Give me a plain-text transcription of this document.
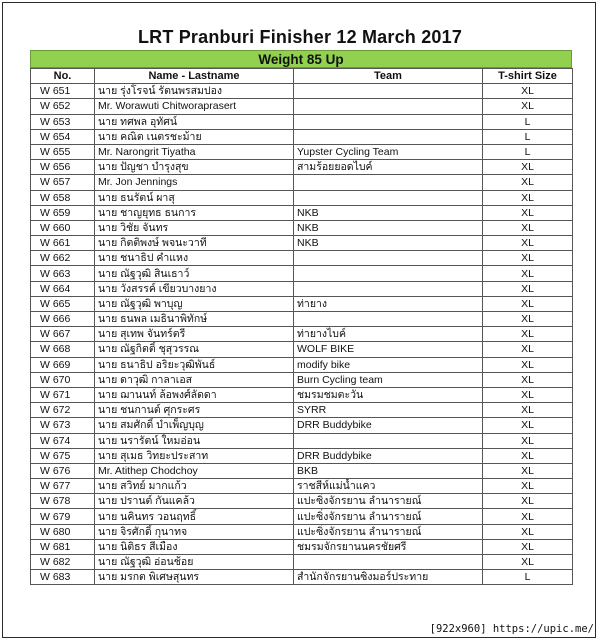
LRT Pranburi Finisher 12 March 2017
Weight 85 Up
No.	Name - Lastname	Team	T-shirt Size
W 651	นาย รุ่งโรจน์ รัตนพรสมปอง		XL
W 652	Mr. Worawuti Chitworaprasert		XL
W 653	นาย ทศพล อุทัศน์		L
W 654	นาย คณิต เนตรชะม้าย		L
W 655	Mr. Narongrit Tiyatha	Yupster Cycling Team	L
W 656	นาย ปัญชา บำรุงสุข	สามร้อยยอดไบค์	XL
W 657	Mr. Jon Jennings		XL
W 658	นาย ธนรัตน์ ผาสุ		XL
W 659	นาย ชาญยุทธ ธนการ	NKB	XL
W 660	นาย วิชัย จันทร	NKB	XL
W 661	นาย กิตติพงษ์ พจนะวาที	NKB	XL
W 662	นาย ชนาธิป คำแหง		XL
W 663	นาย ณัฐวุฒิ สินเธาว์		XL
W 664	นาย วังสรรค์ เขียวบางยาง		XL
W 665	นาย ณัฐวุฒิ พาบุญ	ท่ายาง	XL
W 666	นาย ธนพล เมธินาพิทักษ์		XL
W 667	นาย สุเทพ จันทร์ตรี	ท่ายางไบค์	XL
W 668	นาย ณัฐกิตติ์ ชุสุวรรณ	WOLF BIKE	XL
W 669	นาย ธนาธิป อริยะวุฒิพันธ์	modify bike	XL
W 670	นาย ดาวุฒิ กาลาเอส	Burn Cycling team	XL
W 671	นาย ฌานนท์ ล้อพงศ์ลัดดา	ชมรมชมตะวัน	XL
W 672	นาย ชนกานต์ ศุกระศร	SYRR	XL
W 673	นาย สมศักดิ์ บำเพ็ญบุญ	DRR Buddybike	XL
W 674	นาย นรารัตน์ ใหมอ่อน		XL
W 675	นาย สุเมธ วิทยะประสาท	DRR Buddybike	XL
W 676	Mr. Atithep Chodchoy	BKB	XL
W 677	นาย สวิทย์ มากแก้ว	ราชสีห์แม่น้ำแคว	XL
W 678	นาย ปรานต์ กันแคล้ว	แปะซิ่งจักรยาน ลำนารายณ์	XL
W 679	นาย นคินทร วอนฤทธิ์	แปะซิ่งจักรยาน ลำนารายณ์	XL
W 680	นาย จิรศักดิ์ กุนาทจ	แปะซิ่งจักรยาน ลำนารายณ์	XL
W 681	นาย นิติธร สีเมือง	ชมรมจักรยานนครชัยศรี	XL
W 682	นาย ณัฐวุฒิ อ่อนช้อย		XL
W 683	นาย มรกต พิเศษสุนทร	สำนักจักรยานซิงมอร์ประทาย	L
[922x960] https://upic.me/
